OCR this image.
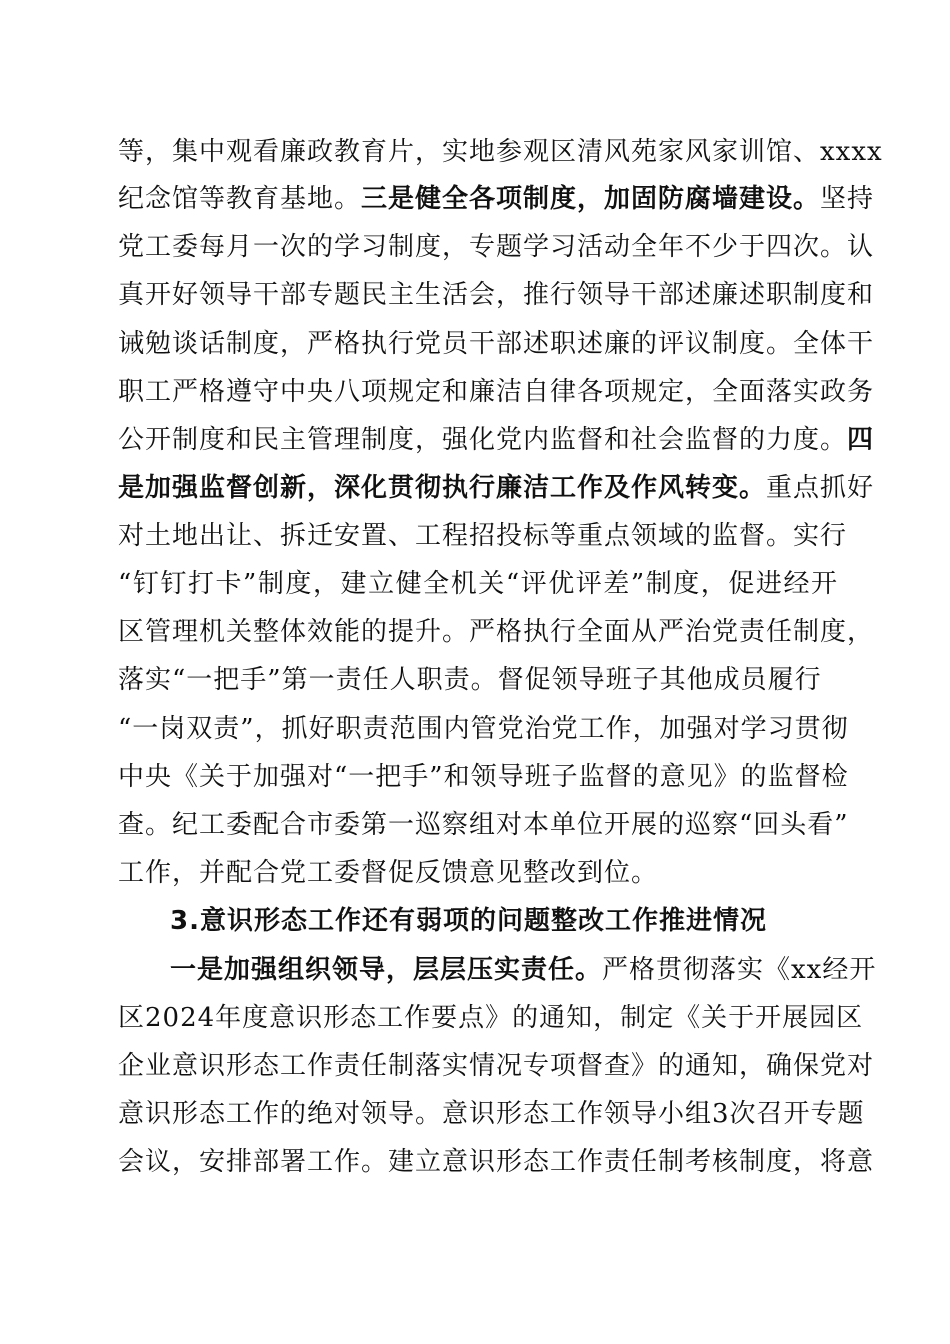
等，集中观看廉政教育片，实地参观区清风苑家风家训馆、xxxx
纪念馆等教育基地。三是健全各项制度，加固防腐墙建设。坚持
党工委每月一次的学习制度，专题学习活动全年不少于四次。认
真开好领导干部专题民主生活会，推行领导干部述廉述职制度和
诫勉谈话制度，严格执行党员干部述职述廉的评议制度。全体干
职工严格遵守中央八项规定和廉洁自律各项规定，全面落实政务
公开制度和民主管理制度，强化党内监督和社会监督的力度。四
是加强监督创新，深化贯彻执行廉洁工作及作风转变。重点抓好
对土地出让、拆迁安置、工程招投标等重点领域的监督。实行
“钉钉打卡”制度，建立健全机关“评优评差”制度，促进经开
区管理机关整体效能的提升。严格执行全面从严治党责任制度，
落实“一把手”第一责任人职责。督促领导班子其他成员履行
“一岗双责”，抓好职责范围内管党治党工作，加强对学习贯彻
中央《关于加强对“一把手”和领导班子监督的意见》的监督检
查。纪工委配合市委第一巡察组对本单位开展的巡察“回头看”
工作，并配合党工委督促反馈意见整改到位。
3.意识形态工作还有弱项的问题整改工作推进情况
一是加强组织领导，层层压实责任。严格贯彻落实《xx经开
区2024年度意识形态工作要点》的通知，制定《关于开展园区
企业意识形态工作责任制落实情况专项督查》的通知，确保党对
意识形态工作的绝对领导。意识形态工作领导小组3次召开专题
会议，安排部署工作。建立意识形态工作责任制考核制度，将意
